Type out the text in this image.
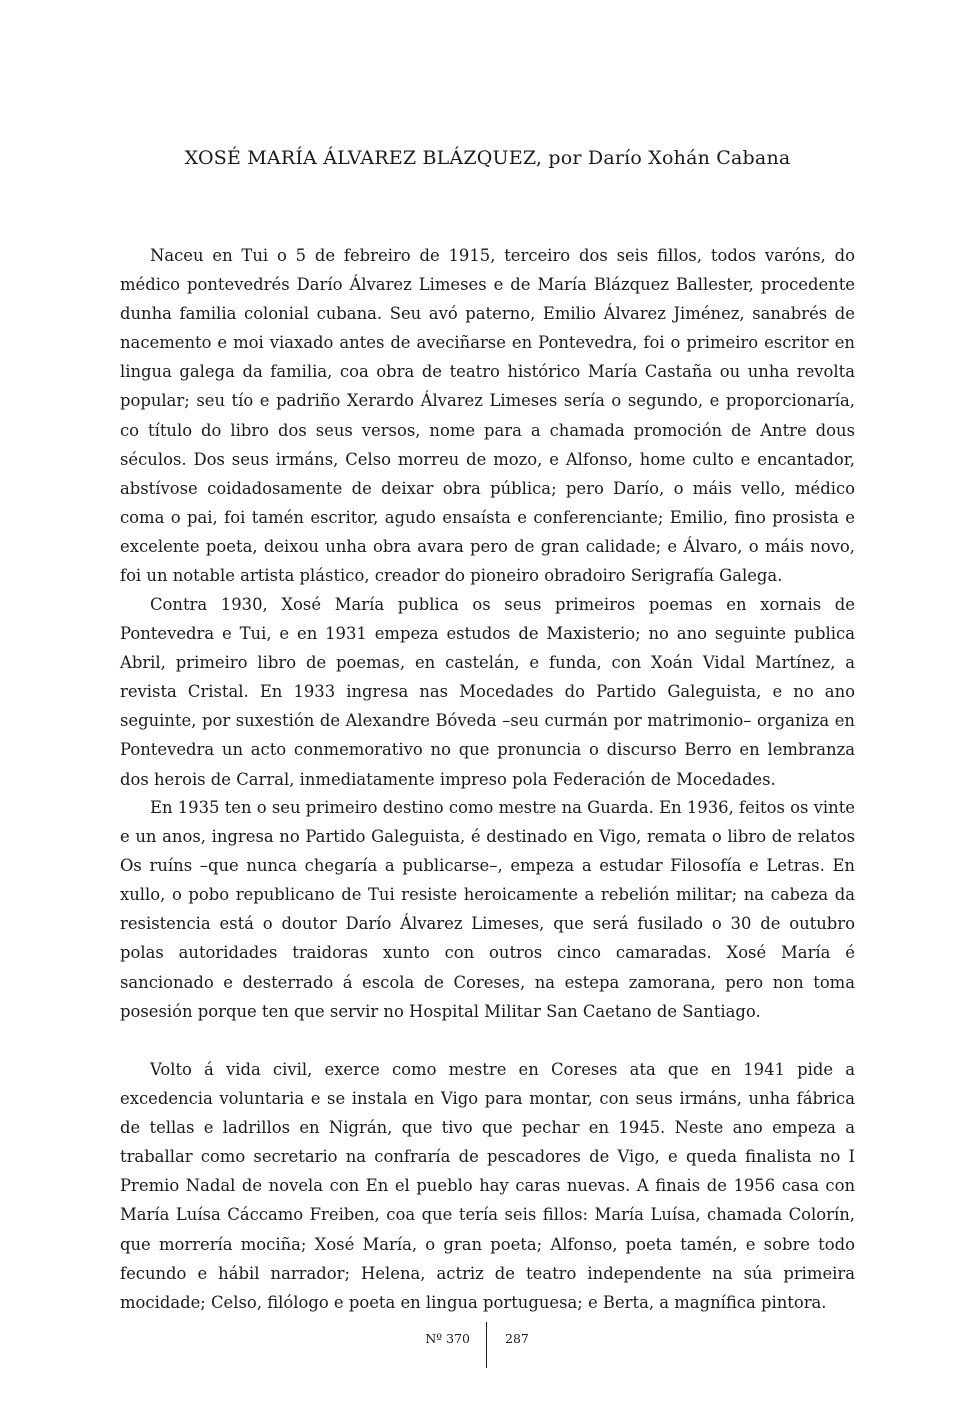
XOSÉ MARÍA ÁLVAREZ BLÁZQUEZ, por Darío Xohán Cabana

Naceu en Tui o 5 de febreiro de 1915, terceiro dos seis fillos, todos varóns, do médico pontevedrés Darío Álvarez Limeses e de María Blázquez Ballester, procedente dunha familia colonial cubana. Seu avó paterno, Emilio Álvarez Jiménez, sanabrés de nacemento e moi viaxado antes de aveciñarse en Pontevedra, foi o primeiro escritor en lingua galega da familia, coa obra de teatro histórico María Castaña ou unha revolta popular; seu tío e padriño Xerardo Álvarez Limeses sería o segundo, e proporcionaría, co título do libro dos seus versos, nome para a chamada promoción de Antre dous séculos. Dos seus irmáns, Celso morreu de mozo, e Alfonso, home culto e encantador, abstívose coidadosamente de deixar obra pública; pero Darío, o máis vello, médico coma o pai, foi tamén escritor, agudo ensaísta e conferenciante; Emilio, fino prosista e excelente poeta, deixou unha obra avara pero de gran calidade; e Álvaro, o máis novo, foi un notable artista plástico, creador do pioneiro obradoiro Serigrafía Galega.

Contra 1930, Xosé María publica os seus primeiros poemas en xornais de Pontevedra e Tui, e en 1931 empeza estudos de Maxisterio; no ano seguinte publica Abril, primeiro libro de poemas, en castelán, e funda, con Xoán Vidal Martínez, a revista Cristal. En 1933 ingresa nas Mocedades do Partido Galeguista, e no ano seguinte, por suxestión de Alexandre Bóveda –seu curmán por matrimonio– organiza en Pontevedra un acto conmemorativo no que pronuncia o discurso Berro en lembranza dos herois de Carral, inmediatamente impreso pola Federación de Mocedades.

En 1935 ten o seu primeiro destino como mestre na Guarda. En 1936, feitos os vinte e un anos, ingresa no Partido Galeguista, é destinado en Vigo, remata o libro de relatos Os ruíns –que nunca chegaría a publicarse–, empeza a estudar Filosofía e Letras. En xullo, o pobo republicano de Tui resiste heroicamente a rebelión militar; na cabeza da resistencia está o doutor Darío Álvarez Limeses, que será fusilado o 30 de outubro polas autoridades traidoras xunto con outros cinco camaradas. Xosé María é sancionado e desterrado á escola de Coreses, na estepa zamorana, pero non toma posesión porque ten que servir no Hospital Militar San Caetano de Santiago.

Volto á vida civil, exerce como mestre en Coreses ata que en 1941 pide a excedencia voluntaria e se instala en Vigo para montar, con seus irmáns, unha fábrica de tellas e ladrillos en Nigrán, que tivo que pechar en 1945. Neste ano empeza a traballar como secretario na confraría de pescadores de Vigo, e queda finalista no I Premio Nadal de novela con En el pueblo hay caras nuevas. A finais de 1956 casa con María Luísa Cáccamo Freiben, coa que tería seis fillos: María Luísa, chamada Colorín, que morrería mociña; Xosé María, o gran poeta; Alfonso, poeta tamén, e sobre todo fecundo e hábil narrador; Helena, actriz de teatro independente na súa primeira mocidade; Celso, filólogo e poeta en lingua portuguesa; e Berta, a magnífica pintora.

Nº 370	287
